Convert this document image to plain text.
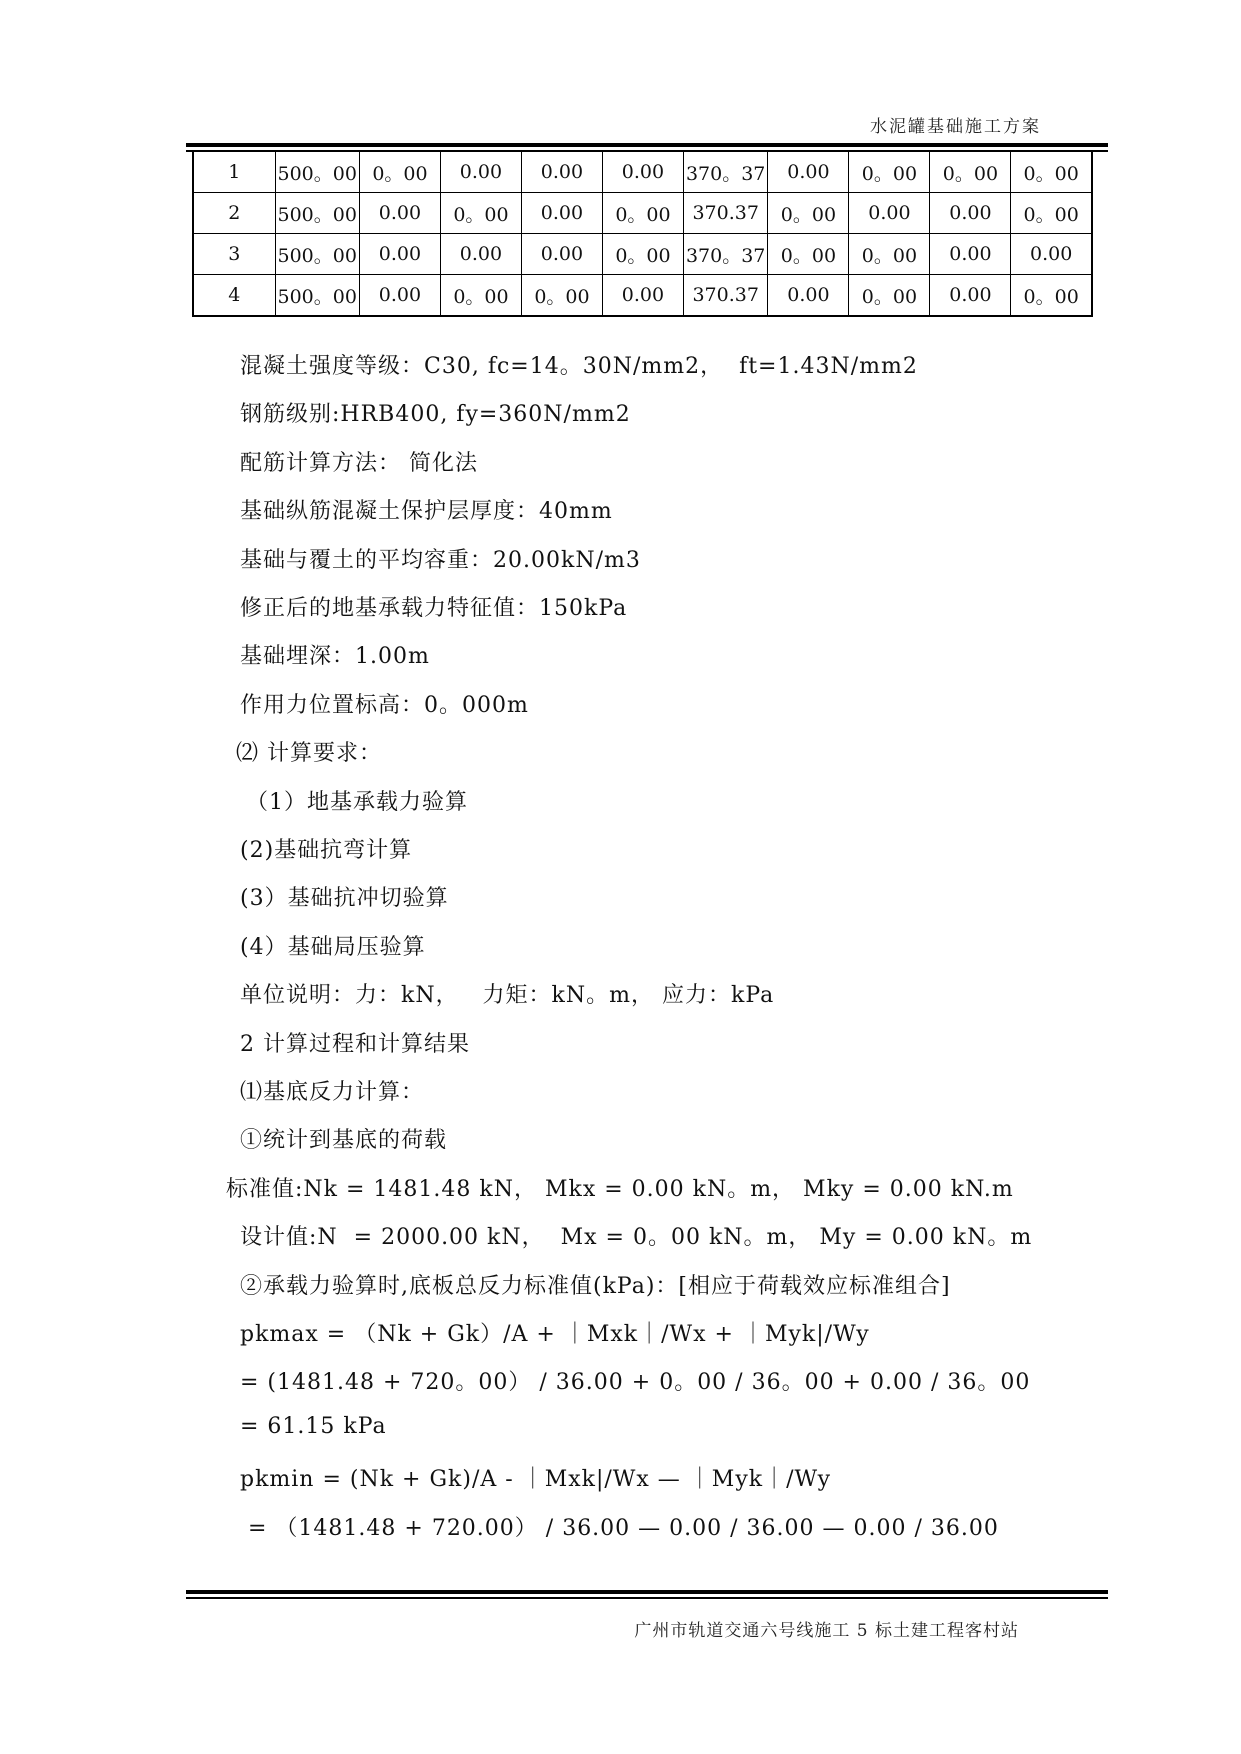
水泥罐基础施工方案
1	500。00	0。00	0.00	0.00	0.00	370。37	0.00	0。00	0。00	0。00
2	500。00	0.00	0。00	0.00	0。00	370.37	0。00	0.00	0.00	0。00
3	500。00	0.00	0.00	0.00	0。00	370。37	0。00	0。00	0.00	0.00
4	500。00	0.00	0。00	0。00	0.00	370.37	0.00	0。00	0.00	0。00
混凝土强度等级：C30, fc=14。30N/mm2，  ft=1.43N/mm2
钢筋级别:HRB400, fy=360N/mm2
配筋计算方法： 简化法
基础纵筋混凝土保护层厚度：40mm
基础与覆土的平均容重：20.00kN/m3
修正后的地基承载力特征值：150kPa
基础埋深：1.00m
作用力位置标高：0。000m
⑵ 计算要求：
（1）地基承载力验算
(2)基础抗弯计算
(3）基础抗冲切验算
(4）基础局压验算
单位说明：力：kN，   力矩：kN。m， 应力：kPa
2 计算过程和计算结果
⑴基底反力计算：
①统计到基底的荷载
标准值:Nk = 1481.48 kN， Mkx = 0.00 kN。m， Mky = 0.00 kN.m
设计值:N  = 2000.00 kN，  Mx = 0。00 kN。m， My = 0.00 kN。m
②承载力验算时,底板总反力标准值(kPa)：[相应于荷载效应标准组合]
pkmax = （Nk + Gk）/A + ｜Mxk｜/Wx + ｜Myk|/Wy
= (1481.48 + 720。00） / 36.00 + 0。00 / 36。00 + 0.00 / 36。00
= 61.15 kPa
pkmin = (Nk + Gk)/A - ｜Mxk|/Wx — ｜Myk｜/Wy
= （1481.48 + 720.00） / 36.00 — 0.00 / 36.00 — 0.00 / 36.00
广州市轨道交通六号线施工 5 标土建工程客村站
